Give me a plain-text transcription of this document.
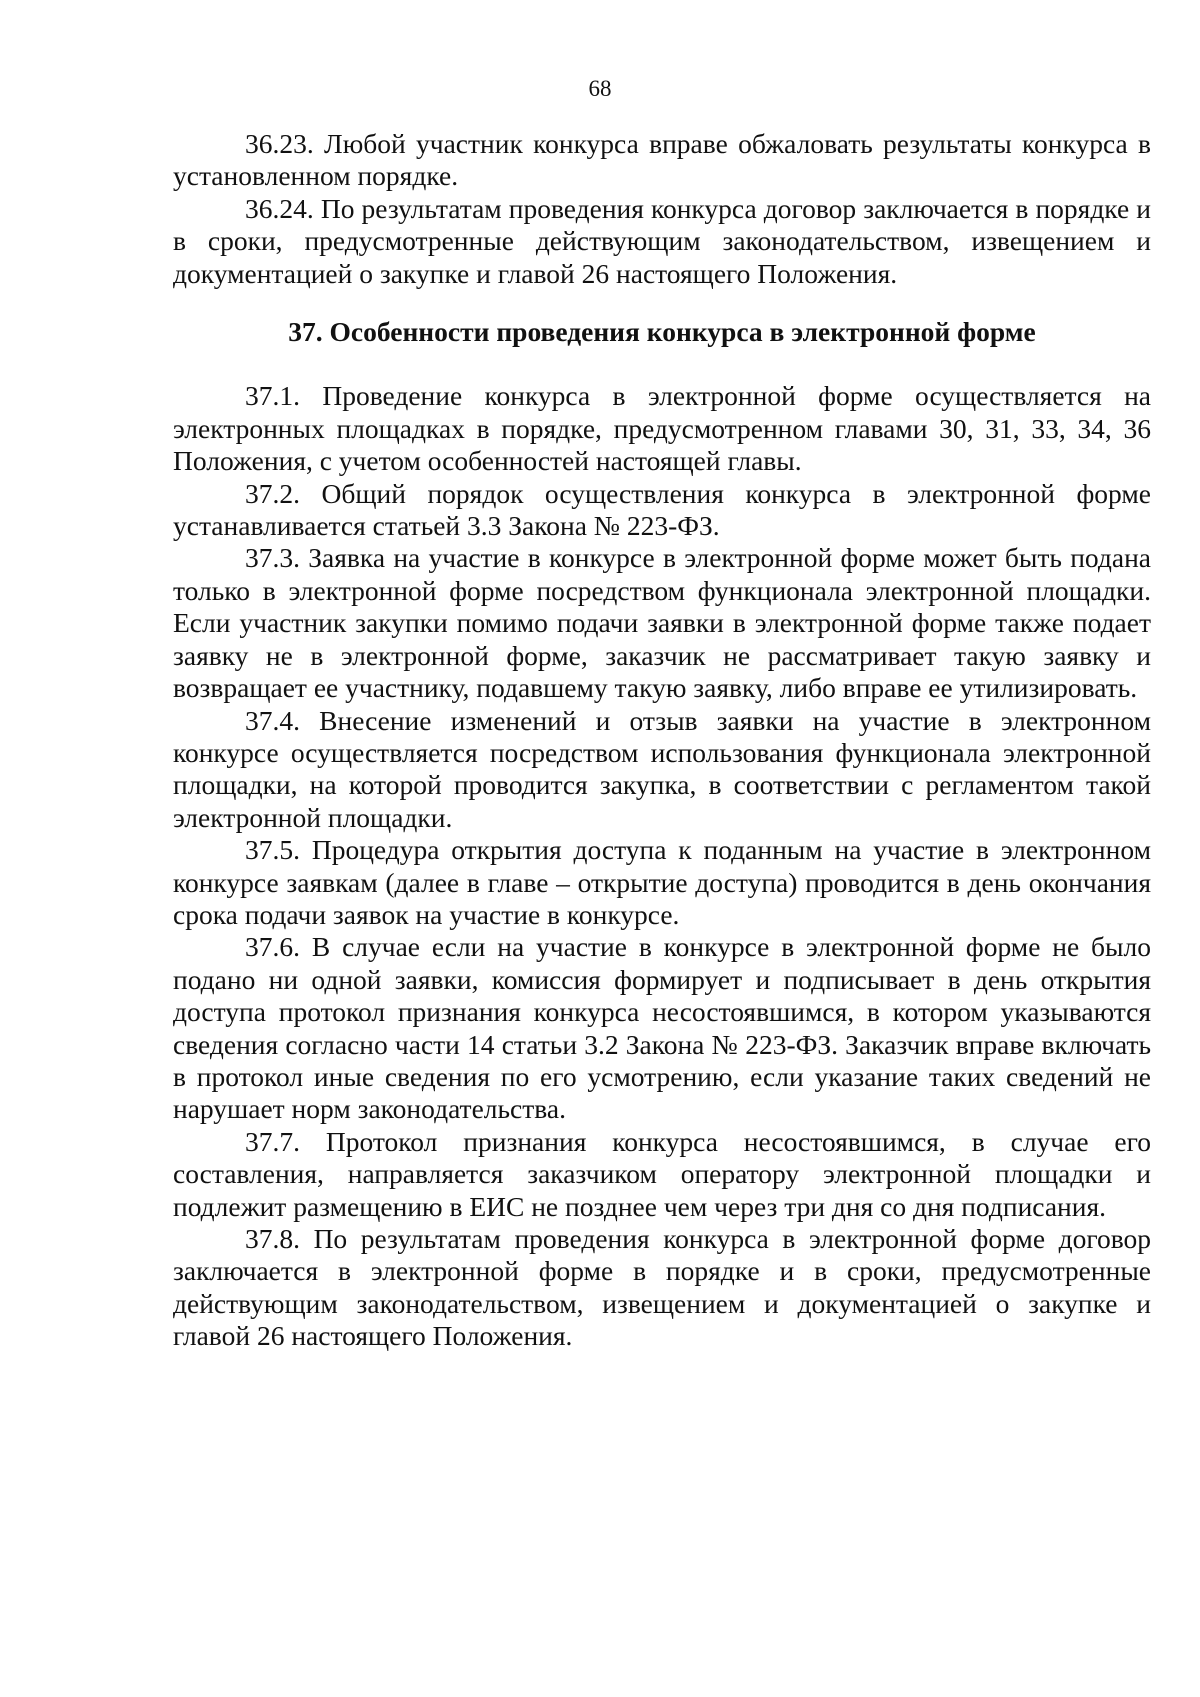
68

36.23. Любой участник конкурса вправе обжаловать результаты конкурса в установленном порядке.

36.24. По результатам проведения конкурса договор заключается в порядке и в сроки, предусмотренные действующим законодательством, извещением и документацией о закупке и главой 26 настоящего Положения.

37. Особенности проведения конкурса в электронной форме

37.1. Проведение конкурса в электронной форме осуществляется на электронных площадках в порядке, предусмотренном главами 30, 31, 33, 34, 36 Положения, с учетом особенностей настоящей главы.

37.2. Общий порядок осуществления конкурса в электронной форме устанавливается статьей 3.3 Закона № 223-ФЗ.

37.3. Заявка на участие в конкурсе в электронной форме может быть подана только в электронной форме посредством функционала электронной площадки. Если участник закупки помимо подачи заявки в электронной форме также подает заявку не в электронной форме, заказчик не рассматривает такую заявку и возвращает ее участнику, подавшему такую заявку, либо вправе ее утилизировать.

37.4. Внесение изменений и отзыв заявки на участие в электронном конкурсе осуществляется посредством использования функционала электронной площадки, на которой проводится закупка, в соответствии с регламентом такой электронной площадки.

37.5. Процедура открытия доступа к поданным на участие в электронном конкурсе заявкам (далее в главе – открытие доступа) проводится в день окончания срока подачи заявок на участие в конкурсе.

37.6. В случае если на участие в конкурсе в электронной форме не было подано ни одной заявки, комиссия формирует и подписывает в день открытия доступа протокол признания конкурса несостоявшимся, в котором указываются сведения согласно части 14 статьи 3.2 Закона № 223-ФЗ. Заказчик вправе включать в протокол иные сведения по его усмотрению, если указание таких сведений не нарушает норм законодательства.

37.7. Протокол признания конкурса несостоявшимся, в случае его составления, направляется заказчиком оператору электронной площадки и подлежит размещению в ЕИС не позднее чем через три дня со дня подписания.

37.8. По результатам проведения конкурса в электронной форме договор заключается в электронной форме в порядке и в сроки, предусмотренные действующим законодательством, извещением и документацией о закупке и главой 26 настоящего Положения.
